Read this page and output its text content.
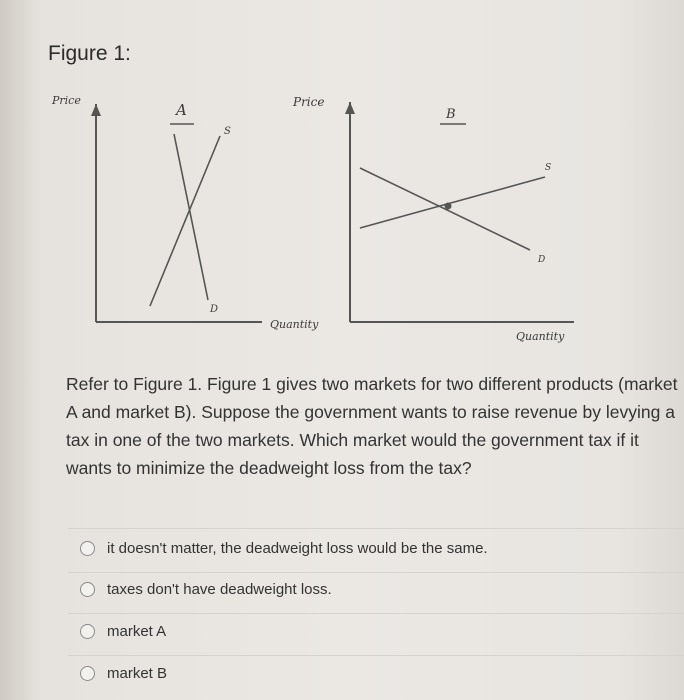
Figure 1:
Price
A
S
D
Quantity
Price
B
S
D
Quantity
Refer to Figure 1. Figure 1 gives two markets for two different products (market A and market B). Suppose the government wants to raise revenue by levying a tax in one of the two markets. Which market would the government tax if it wants to minimize the deadweight loss from the tax?
it doesn't matter, the deadweight loss would be the same.
taxes don't have deadweight loss.
market A
market B
